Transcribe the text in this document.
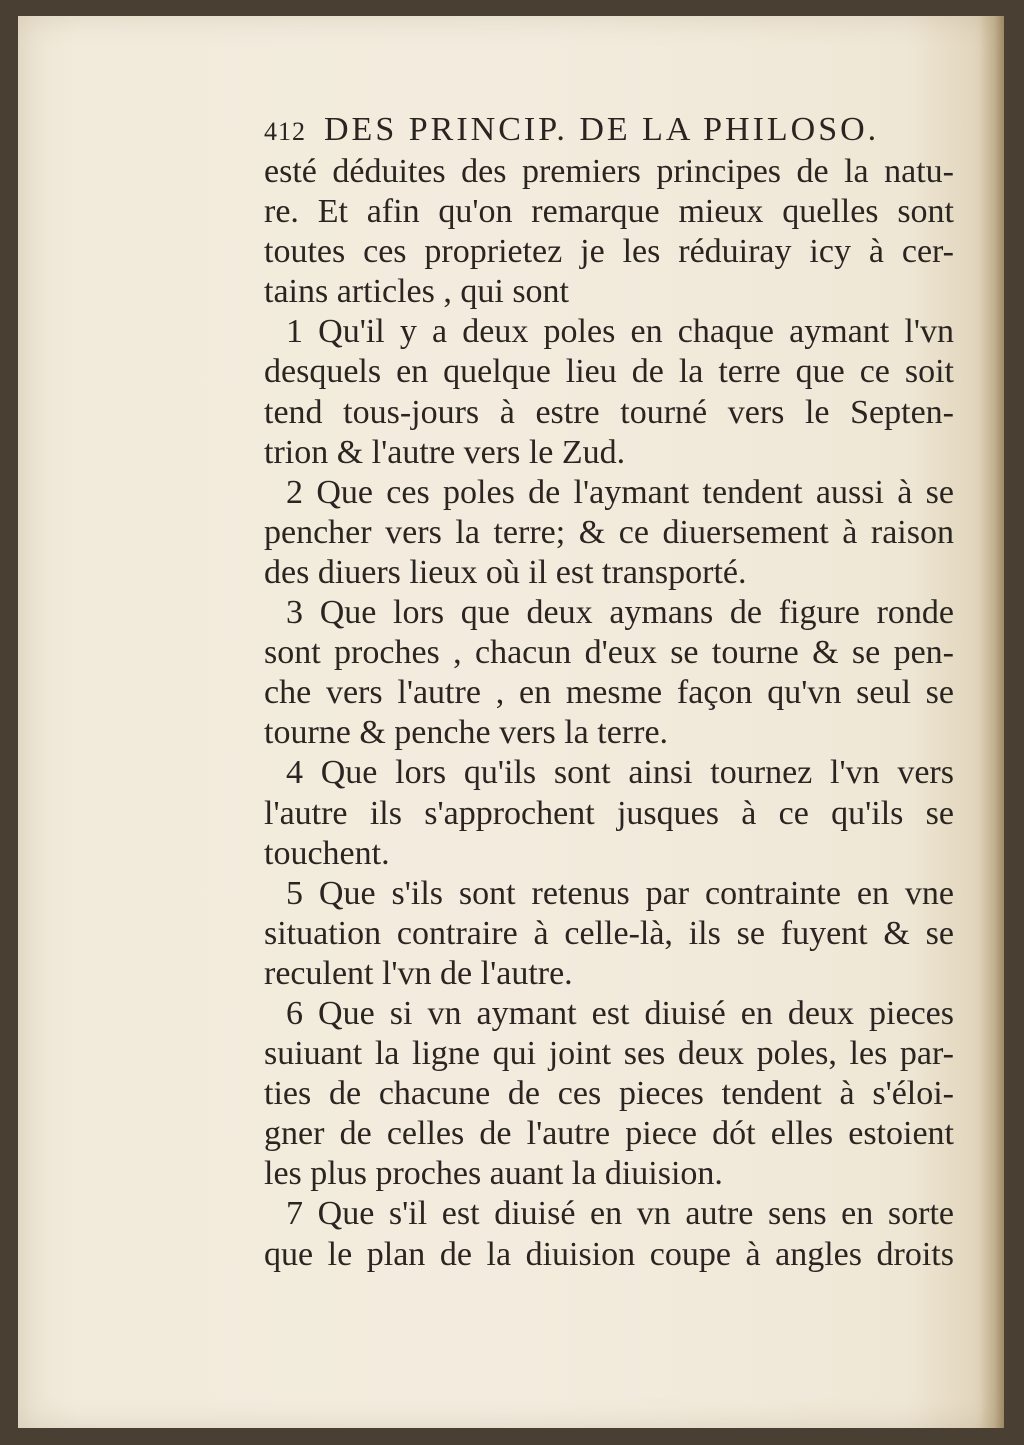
412 DES PRINCIP. DE LA PHILOSO.
esté déduites des premiers principes de la natu-
re. Et afin qu'on remarque mieux quelles sont
toutes ces proprietez je les réduiray icy à cer-
tains articles , qui sont
1 Qu'il y a deux poles en chaque aymant l'vn
desquels en quelque lieu de la terre que ce soit
tend tous-jours à estre tourné vers le Septen-
trion & l'autre vers le Zud.
2 Que ces poles de l'aymant tendent aussi à se
pencher vers la terre; & ce diuersement à raison
des diuers lieux où il est transporté.
3 Que lors que deux aymans de figure ronde
sont proches , chacun d'eux se tourne & se pen-
che vers l'autre , en mesme façon qu'vn seul se
tourne & penche vers la terre.
4 Que lors qu'ils sont ainsi tournez l'vn vers
l'autre ils s'approchent jusques à ce qu'ils se
touchent.
5 Que s'ils sont retenus par contrainte en vne
situation contraire à celle-là, ils se fuyent & se
reculent l'vn de l'autre.
6 Que si vn aymant est diuisé en deux pieces
suiuant la ligne qui joint ses deux poles, les par-
ties de chacune de ces pieces tendent à s'éloi-
gner de celles de l'autre piece dót elles estoient
les plus proches auant la diuision.
7 Que s'il est diuisé en vn autre sens en sorte
que le plan de la diuision coupe à angles droits
